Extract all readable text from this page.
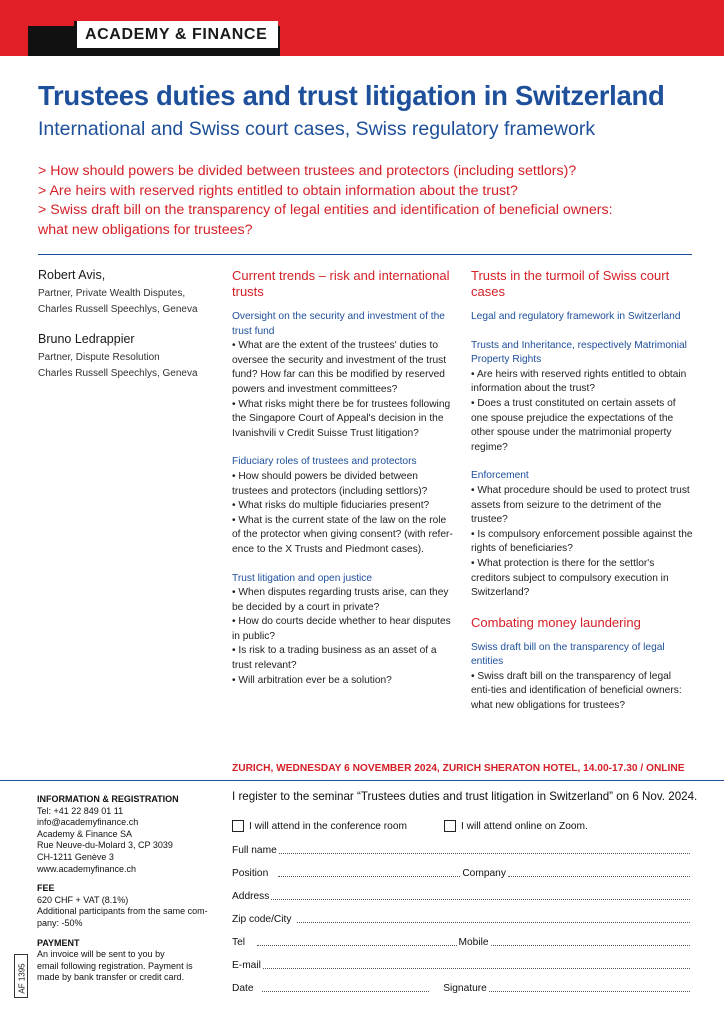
ACADEMY & FINANCE
Trustees duties and trust litigation in Switzerland
International and Swiss court cases, Swiss regulatory framework
> How should powers be divided between trustees and protectors (including settlors)?
> Are heirs with reserved rights entitled to obtain information about the trust?
> Swiss draft bill on the transparency of legal entities and identification of beneficial owners:
what new obligations for trustees?
Robert Avis,
Partner, Private Wealth Disputes,
Charles Russell Speechlys, Geneva
Bruno Ledrappier
Partner, Dispute Resolution
Charles Russell Speechlys, Geneva
Current trends – risk and international trusts
Oversight on the security and investment of the trust fund

• What are the extent of the trustees' duties to oversee the security and investment of the trust fund? How far can this be modified by reserved powers and investment committees?

• What risks might there be for trustees following the Singapore Court of Appeal's decision in the Ivanishvili v Credit Suisse Trust litigation?

Fiduciary roles of trustees and protectors

• How should powers be divided between trustees and protectors (including settlors)?

• What risks do multiple fiduciaries present?

• What is the current state of the law on the role of the protector when giving consent? (with refer-ence to the X Trusts and Piedmont cases).

Trust litigation and open justice

• When disputes regarding trusts arise, can they be decided by a court in private?

• How do courts decide whether to hear disputes in public?

• Is risk to a trading business as an asset of a trust relevant?

• Will arbitration ever be a solution?

Trusts in the turmoil of Swiss court cases
Legal and regulatory framework in Switzerland
Trusts and Inheritance, respectively Matrimonial Property Rights

• Are heirs with reserved rights entitled to obtain information about the trust?

• Does a trust constituted on certain assets of one spouse prejudice the expectations of the other spouse under the matrimonial property regime?

Enforcement

• What procedure should be used to protect trust assets from seizure to the detriment of the trustee?

• Is compulsory enforcement possible against the rights of beneficiaries?

• What protection is there for the settlor's creditors subject to compulsory execution in Switzerland?

Combating money laundering
Swiss draft bill on the transparency of legal entities

• Swiss draft bill on the transparency of legal enti-ties and identification of beneficial owners: what new obligations for trustees?

ZURICH, WEDNESDAY 6 NOVEMBER 2024, ZURICH SHERATON HOTEL, 14.00-17.30 / ONLINE
INFORMATION & REGISTRATION
Tel: +41 22 849 01 11
info@academyfinance.ch
Academy & Finance SA
Rue Neuve-du-Molard 3, CP 3039
CH-1211 Genève 3
www.academyfinance.ch
FEE
620 CHF + VAT (8.1%)
Additional participants from the same com-pany: -50%
PAYMENT
An invoice will be sent to you by
email following registration. Payment is
made by bank transfer or credit card.
AF 1395
I register to the seminar “Trustees duties and trust litigation in Switzerland” on 6 Nov. 2024.
I will attend in the conference room	I will attend online on Zoom.
Full name
Position	Company
Address
Zip code/City
Tel	Mobile
E-mail
Date	Signature
